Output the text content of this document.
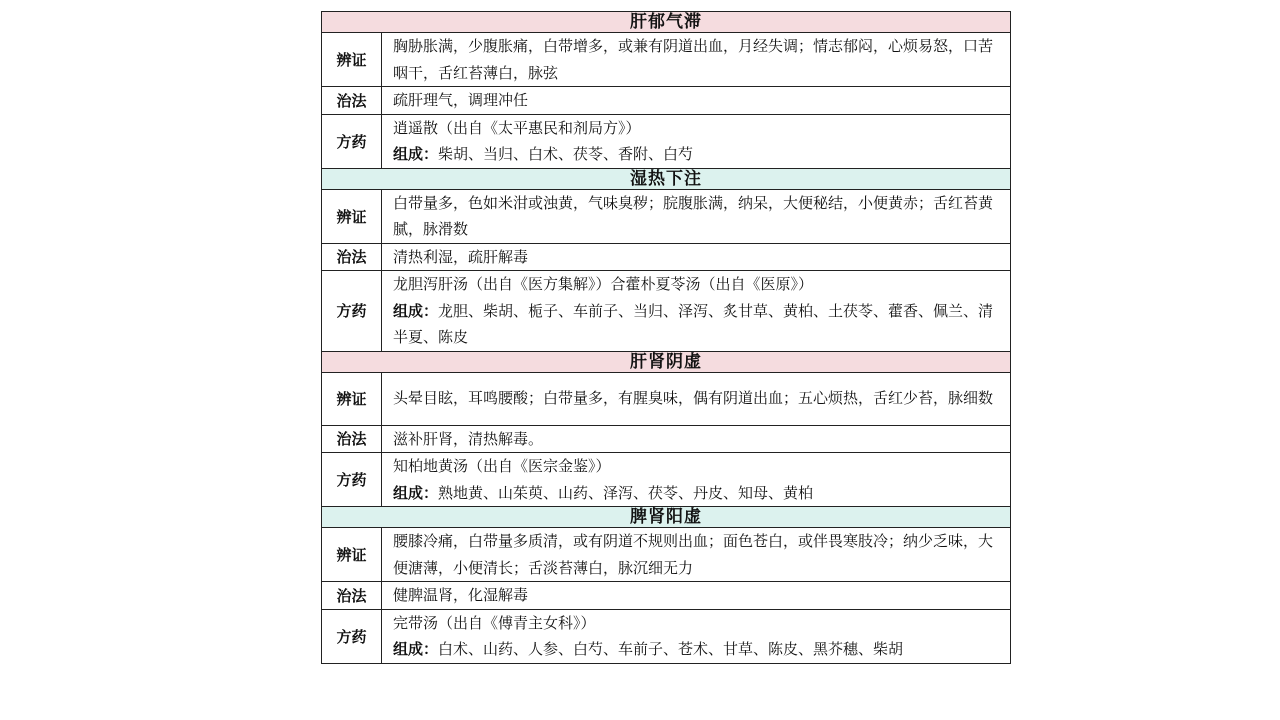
肝郁气滞	
辨证	胸胁胀满，少腹胀痛，白带增多，或兼有阴道出血，月经失调；情志郁闷，心烦易怒，口苦咽干，舌红苔薄白，脉弦
治法	疏肝理气，调理冲任
方药	逍遥散（出自《太平惠民和剂局方》）
组成：柴胡、当归、白术、茯苓、香附、白芍

湿热下注	
辨证	白带量多，色如米泔或浊黄，气味臭秽；脘腹胀满，纳呆，大便秘结，小便黄赤；舌红苔黄腻，脉滑数
治法	清热利湿，疏肝解毒
方药	龙胆泻肝汤（出自《医方集解》）合藿朴夏苓汤（出自《医原》）
组成：龙胆、柴胡、栀子、车前子、当归、泽泻、炙甘草、黄柏、土茯苓、藿香、佩兰、清半夏、陈皮

肝肾阴虚	
辨证	头晕目眩，耳鸣腰酸；白带量多，有腥臭味，偶有阴道出血；五心烦热，舌红少苔，脉细数
治法	滋补肝肾，清热解毒。
方药	知柏地黄汤（出自《医宗金鉴》）
组成：熟地黄、山茱萸、山药、泽泻、茯苓、丹皮、知母、黄柏

脾肾阳虚	
辨证	腰膝冷痛，白带量多质清，或有阴道不规则出血；面色苍白，或伴畏寒肢冷；纳少乏味，大便溏薄，小便清长；舌淡苔薄白，脉沉细无力
治法	健脾温肾，化湿解毒
方药	完带汤（出自《傅青主女科》）
组成：白术、山药、人参、白芍、车前子、苍术、甘草、陈皮、黑芥穗、柴胡
